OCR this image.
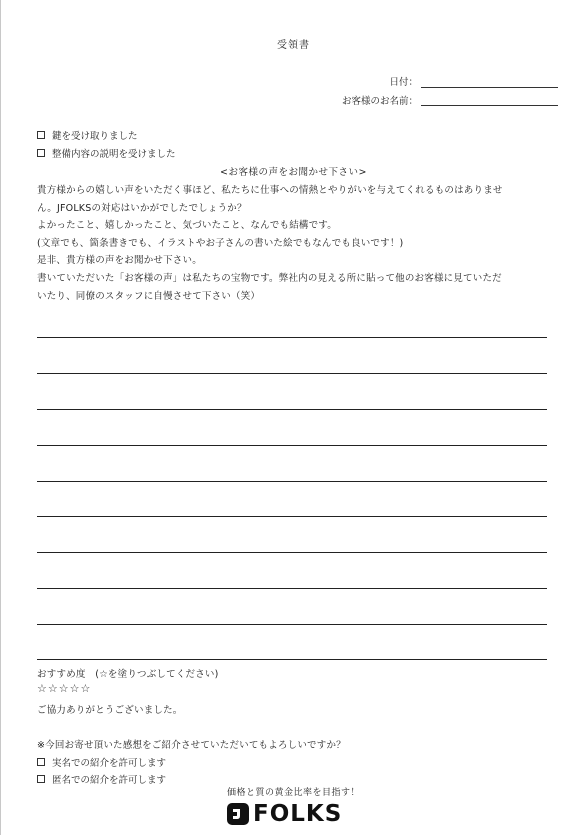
受領書
日付：
お客様のお名前：
鍵を受け取りました
整備内容の説明を受けました
<お客様の声をお聞かせ下さい>
貴方様からの嬉しい声をいただく事ほど、私たちに仕事への情熱とやりがいを与えてくれるものはありませ
ん。JFOLKSの対応はいかがでしたでしょうか？
よかったこと、嬉しかったこと、気づいたこと、なんでも結構です。
(文章でも、箇条書きでも、イラストやお子さんの書いた絵でもなんでも良いです！)
是非、貴方様の声をお聞かせ下さい。
書いていただいた「お客様の声」は私たちの宝物です。弊社内の見える所に貼って他のお客様に見ていただ
いたり、同僚のスタッフに自慢させて下さい（笑）
おすすめ度　(☆を塗りつぶしてください)
☆☆☆☆☆
ご協力ありがとうございました。
※今回お寄せ頂いた感想をご紹介させていただいてもよろしいですか？
実名での紹介を許可します
匿名での紹介を許可します
価格と質の黄金比率を目指す！
FOLKS
